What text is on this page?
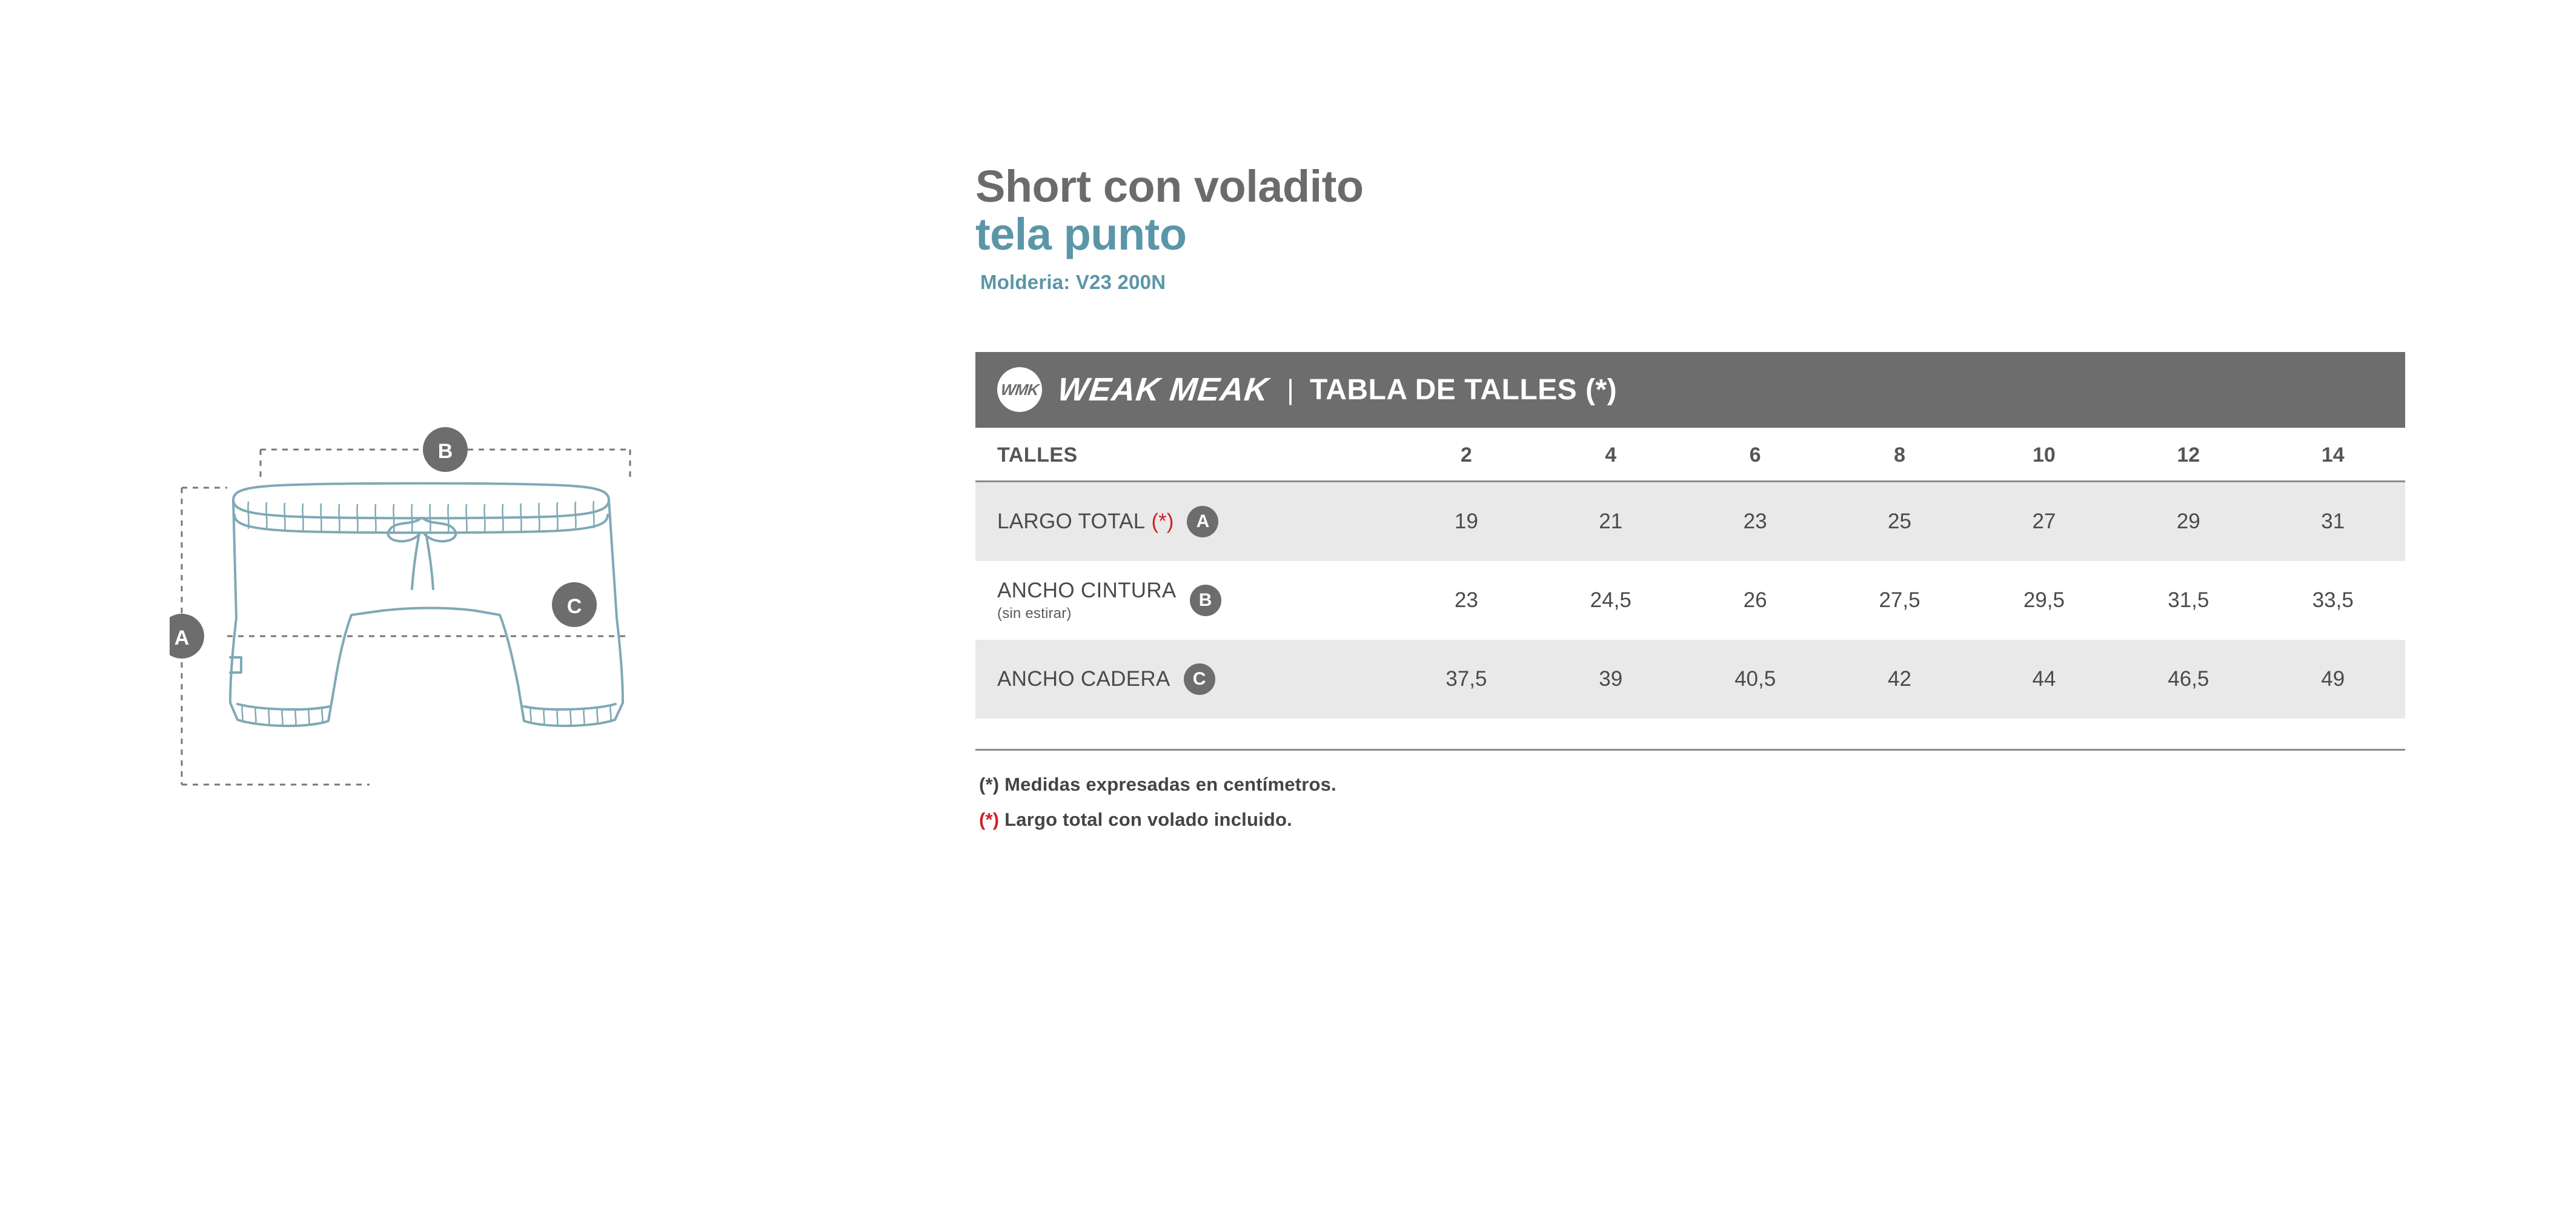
B
A
C
Short con voladito
tela punto
Molderia: V23 200N
WMK WEAK MEAK | TABLA DE TALLES (*)
TALLES	2	4	6	8	10	12	14

LARGO TOTAL (*) A	19	21	23	25	27	29	31

ANCHO CINTURA
(sin estirar)
B	23	24,5	26	27,5	29,5	31,5	33,5

ANCHO CADERA C	37,5	39	40,5	42	44	46,5	49

(*) Medidas expresadas en centímetros.

(*) Largo total con volado incluido.
